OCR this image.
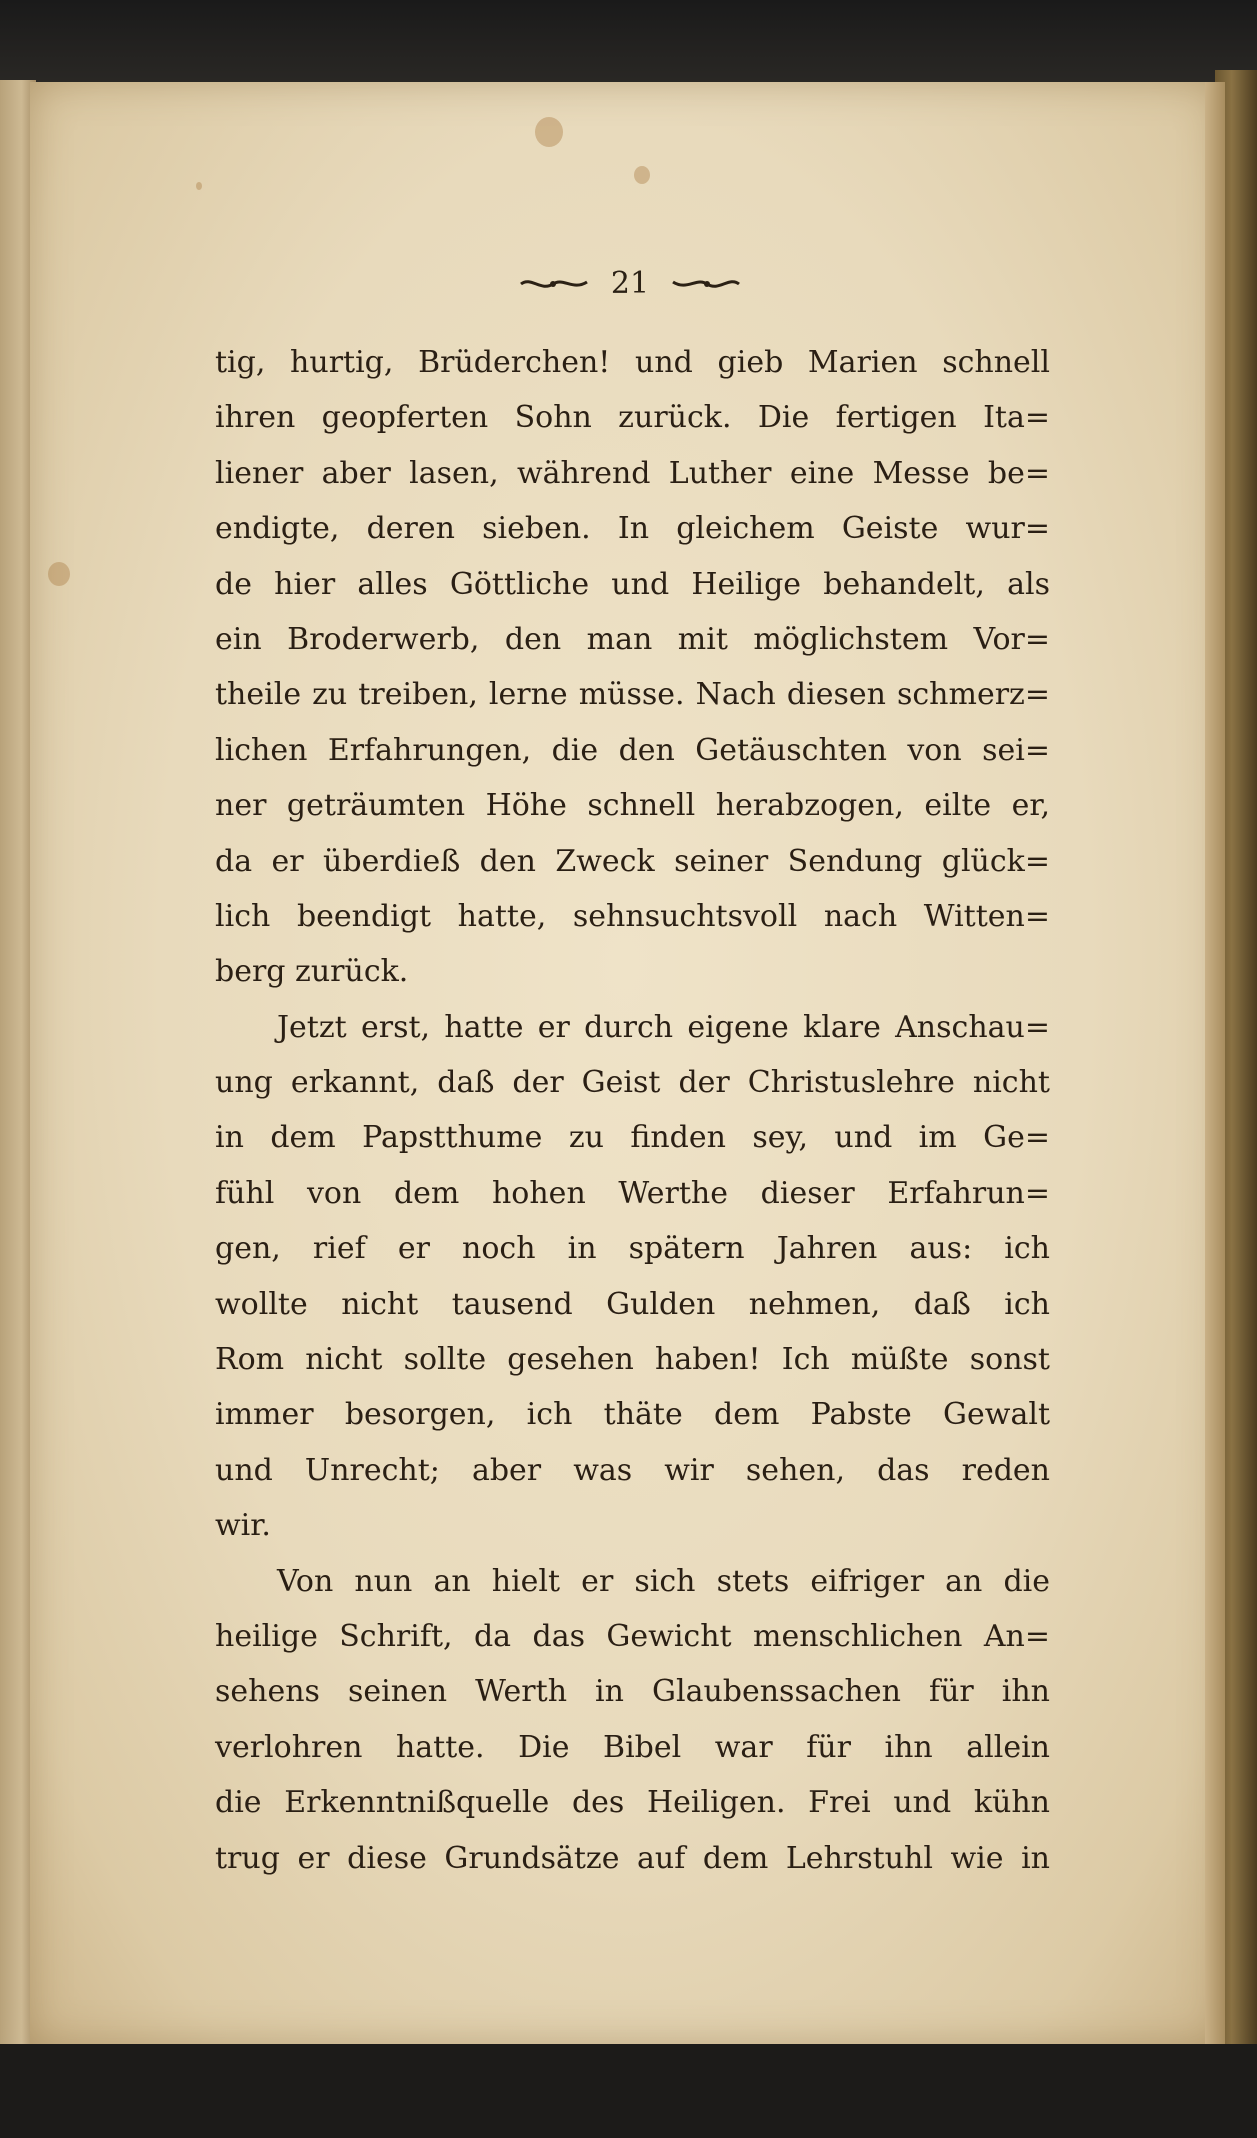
21
tig, hurtig, Brüderchen! und gieb Marien schnell
ihren geopferten Sohn zurück. Die fertigen Ita=
liener aber lasen, während Luther eine Messe be=
endigte, deren sieben. In gleichem Geiste wur=
de hier alles Göttliche und Heilige behandelt, als
ein Broderwerb, den man mit möglichstem Vor=
theile zu treiben, lerne müsse. Nach diesen schmerz=
lichen Erfahrungen, die den Getäuschten von sei=
ner geträumten Höhe schnell herabzogen, eilte er,
da er überdieß den Zweck seiner Sendung glück=
lich beendigt hatte, sehnsuchtsvoll nach Witten=
berg zurück.
Jetzt erst, hatte er durch eigene klare Anschau=
ung erkannt, daß der Geist der Christuslehre nicht
in dem Papstthume zu finden sey, und im Ge=
fühl von dem hohen Werthe dieser Erfahrun=
gen, rief er noch in spätern Jahren aus: ich
wollte nicht tausend Gulden nehmen, daß ich
Rom nicht sollte gesehen haben! Ich müßte sonst
immer besorgen, ich thäte dem Pabste Gewalt
und Unrecht; aber was wir sehen, das reden
wir.
Von nun an hielt er sich stets eifriger an die
heilige Schrift, da das Gewicht menschlichen An=
sehens seinen Werth in Glaubenssachen für ihn
verlohren hatte. Die Bibel war für ihn allein
die Erkenntnißquelle des Heiligen. Frei und kühn
trug er diese Grundsätze auf dem Lehrstuhl wie in
